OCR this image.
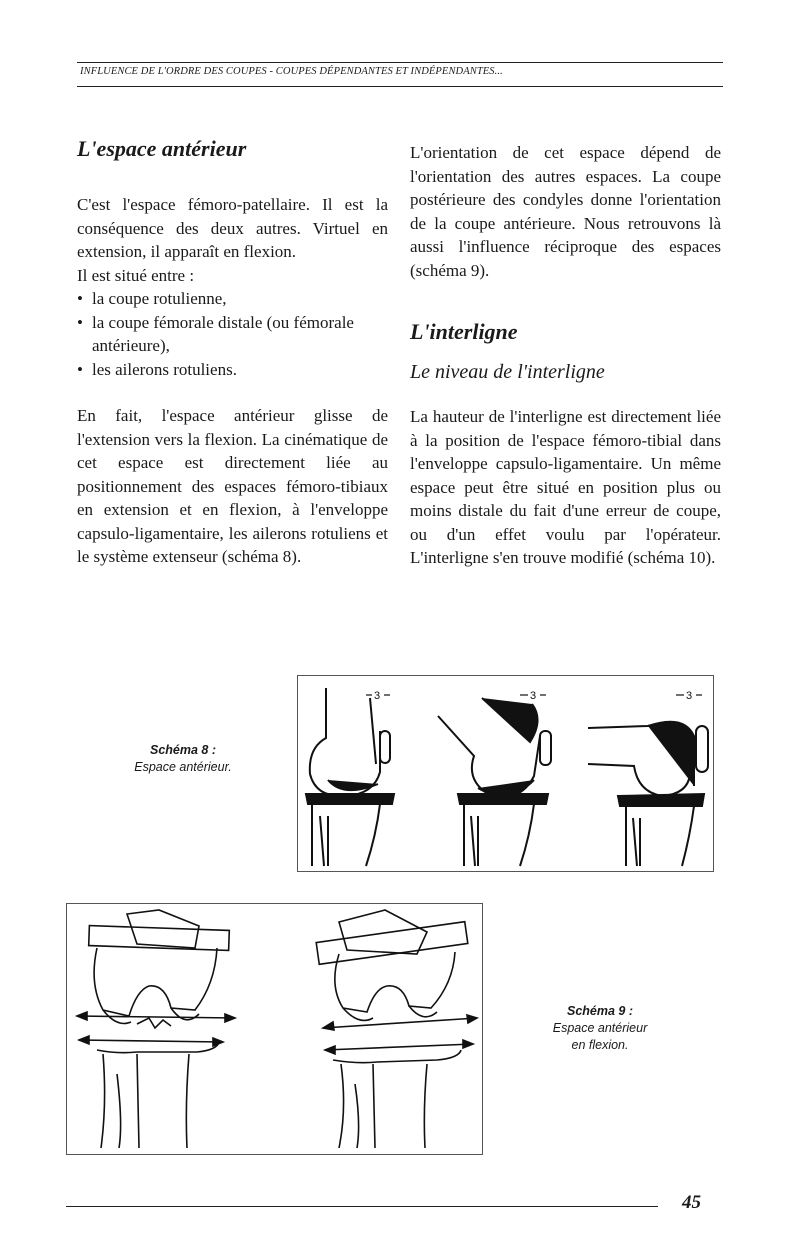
INFLUENCE DE L'ORDRE DES COUPES - COUPES DÉPENDANTES ET INDÉPENDANTES...
L'espace antérieur

C'est l'espace fémoro-patellaire. Il est la conséquence des deux autres. Virtuel en extension, il apparaît en flexion.

Il est situé entre :

• la coupe rotulienne,
• la coupe fémorale distale (ou fémorale antérieure),
• les ailerons rotuliens.

En fait, l'espace antérieur glisse de l'extension vers la flexion. La cinématique de cet espace est directement liée au positionnement des espaces fémoro-tibiaux en extension et en flexion, à l'enveloppe capsulo-ligamentaire, les ailerons rotuliens et le système extenseur (schéma 8).

L'orientation de cet espace dépend de l'orientation des autres espaces. La coupe postérieure des condyles donne l'orientation de la coupe antérieure. Nous retrouvons là aussi l'influence réciproque des espaces (schéma 9).

L'interligne
Le niveau de l'interligne

La hauteur de l'interligne est directement liée à la position de l'espace fémoro-tibial dans l'enveloppe capsulo-ligamentaire. Un même espace peut être situé en position plus ou moins distale du fait d'une erreur de coupe, ou d'un effet voulu par l'opérateur. L'interligne s'en trouve modifié (schéma 10).

Schéma 8 :
Espace antérieur.
3	3	3
Schéma 9 :
Espace antérieur
en flexion.
45
